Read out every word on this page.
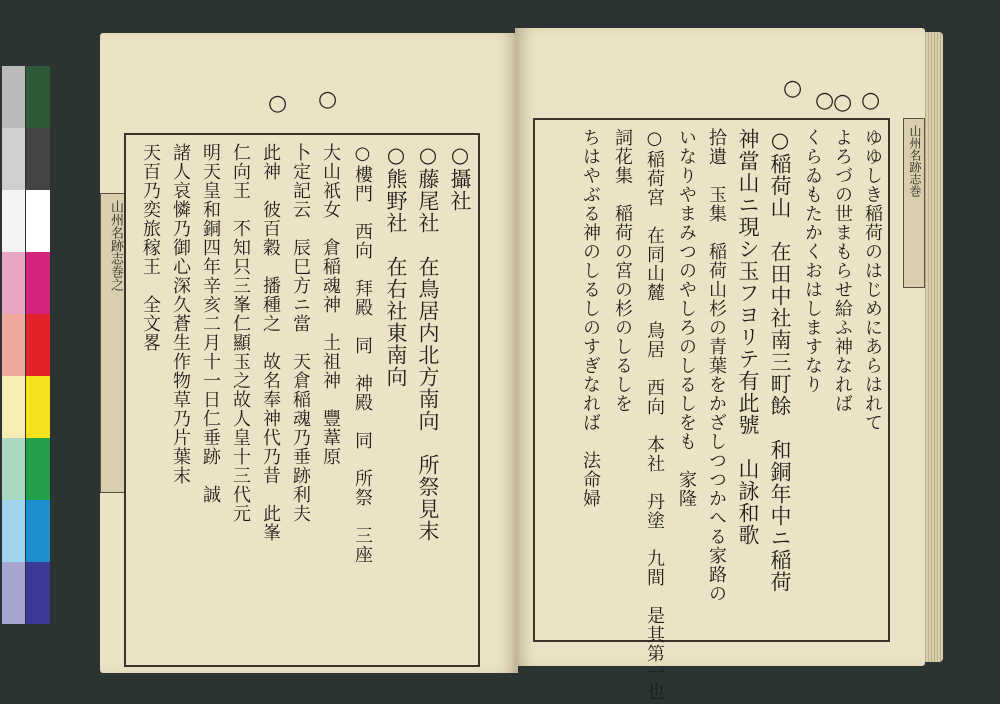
○ ○
山州名跡志巻之
○攝社
○藤尾社　在鳥居内北方南向　所祭見末
○熊野社　在右社東南向
○樓門　西向　拜殿　同　神殿　同　所祭　三座
大山祇女　倉稲魂神　土祖神　豐葦原
卜定記云　辰巳方ニ當　天倉稲魂乃垂跡利夫
此神　彼百穀　播種之　故名奉神代乃昔　此峯
仁向王　不知只三峯仁顯玉之故人皇十三代元
明天皇和銅四年辛亥二月十一日仁垂跡　誠
諸人哀憐乃御心深久蒼生作物草乃片葉末
天百乃奕旅稼王　全文畧
○ ○
○ ○
山州名跡志巻
ゆゆしき稲荷のはじめにあらはれて
よろづの世まもらせ給ふ神なれば
くらゐもたかくおはしますなり
○稲荷山　在田中社南三町餘　和銅年中ニ稲荷
神當山ニ現シ玉フヨリテ有此號　山詠和歌
拾遺　玉集　稲荷山杉の青葉をかざしつつかへる家路の
いなりやまみつのやしろのしるしをも　家隆
○稲荷宮　在同山麓　鳥居　西向　本社　丹塗　九間　是其第一也
詞花集　稲荷の宮の杉のしるしを
ちはやぶる神のしるしのすぎなれば　法命婦
